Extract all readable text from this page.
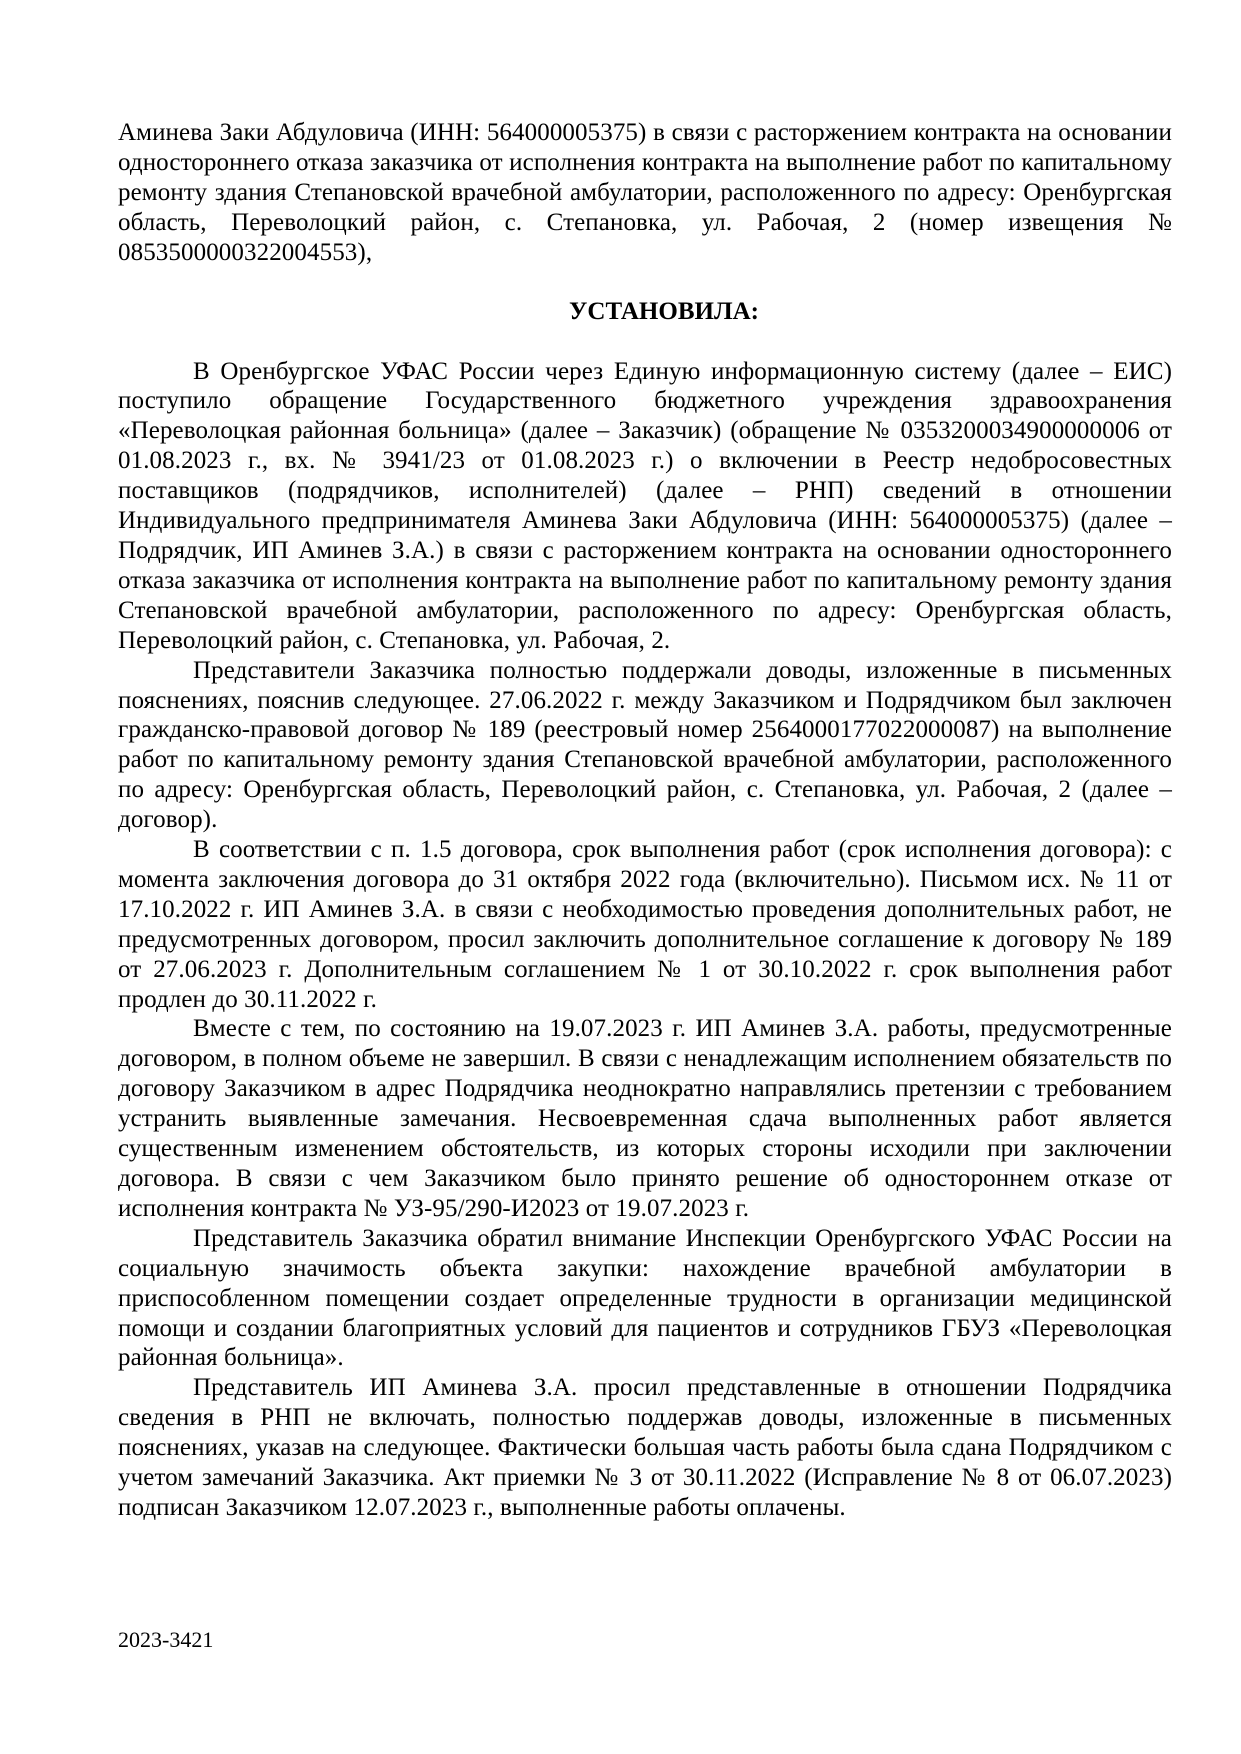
Аминева Заки Абдуловича (ИНН: 564000005375) в связи с расторжением контракта на основании одностороннего отказа заказчика от исполнения контракта на выполнение работ по капитальному ремонту здания Степановской врачебной амбулатории, расположенного по адресу: Оренбургская область, Переволоцкий район, с. Степановка, ул. Рабочая, 2 (номер извещения № 0853500000322004553),

УСТАНОВИЛА:

В Оренбургское УФАС России через Единую информационную систему (далее – ЕИС) поступило обращение Государственного бюджетного учреждения здравоохранения «Переволоцкая районная больница» (далее – Заказчик) (обращение № 0353200034900000006 от 01.08.2023 г., вх. № 3941/23 от 01.08.2023 г.) о включении в Реестр недобросовестных поставщиков (подрядчиков, исполнителей) (далее – РНП) сведений в отношении Индивидуального предпринимателя Аминева Заки Абдуловича (ИНН: 564000005375) (далее – Подрядчик, ИП Аминев З.А.) в связи с расторжением контракта на основании одностороннего отказа заказчика от исполнения контракта на выполнение работ по капитальному ремонту здания Степановской врачебной амбулатории, расположенного по адресу: Оренбургская область, Переволоцкий район, с. Степановка, ул. Рабочая, 2.

Представители Заказчика полностью поддержали доводы, изложенные в письменных пояснениях, пояснив следующее. 27.06.2022 г. между Заказчиком и Подрядчиком был заключен гражданско-правовой договор № 189 (реестровый номер 2564000177022000087) на выполнение работ по капитальному ремонту здания Степановской врачебной амбулатории, расположенного по адресу: Оренбургская область, Переволоцкий район, с. Степановка, ул. Рабочая, 2 (далее – договор).

В соответствии с п. 1.5 договора, срок выполнения работ (срок исполнения договора): с момента заключения договора до 31 октября 2022 года (включительно). Письмом исх. № 11 от 17.10.2022 г. ИП Аминев З.А. в связи с необходимостью проведения дополнительных работ, не предусмотренных договором, просил заключить дополнительное соглашение к договору № 189 от 27.06.2023 г. Дополнительным соглашением № 1 от 30.10.2022 г. срок выполнения работ продлен до 30.11.2022 г.

Вместе с тем, по состоянию на 19.07.2023 г. ИП Аминев З.А. работы, предусмотренные договором, в полном объеме не завершил. В связи с ненадлежащим исполнением обязательств по договору Заказчиком в адрес Подрядчика неоднократно направлялись претензии с требованием устранить выявленные замечания. Несвоевременная сдача выполненных работ является существенным изменением обстоятельств, из которых стороны исходили при заключении договора. В связи с чем Заказчиком было принято решение об одностороннем отказе от исполнения контракта № УЗ-95/290-И2023 от 19.07.2023 г.

Представитель Заказчика обратил внимание Инспекции Оренбургского УФАС России на социальную значимость объекта закупки: нахождение врачебной амбулатории в приспособленном помещении создает определенные трудности в организации медицинской помощи и создании благоприятных условий для пациентов и сотрудников ГБУЗ «Переволоцкая районная больница».

Представитель ИП Аминева З.А. просил представленные в отношении Подрядчика сведения в РНП не включать, полностью поддержав доводы, изложенные в письменных пояснениях, указав на следующее. Фактически большая часть работы была сдана Подрядчиком с учетом замечаний Заказчика. Акт приемки № 3 от 30.11.2022 (Исправление № 8 от 06.07.2023) подписан Заказчиком 12.07.2023 г., выполненные работы оплачены.

2023-3421
